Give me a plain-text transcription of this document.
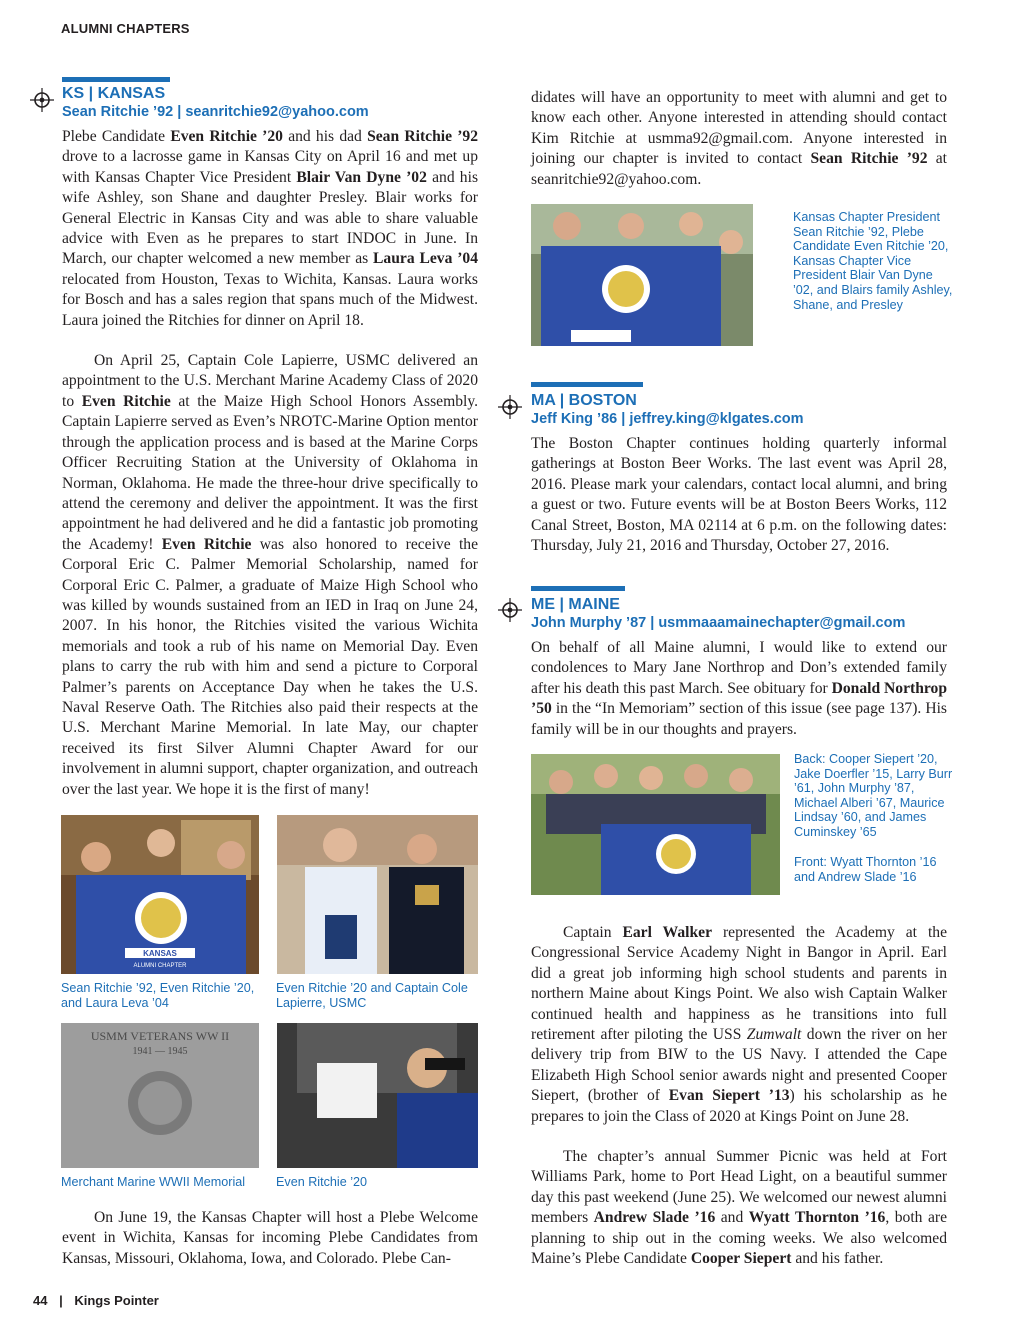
ALUMNI CHAPTERS
KS | KANSAS
Sean Ritchie ’92 | seanritchie92@yahoo.com

Plebe Candidate Even Ritchie ’20 and his dad Sean Ritchie ’92 drove to a lacrosse game in Kansas City on April 16 and met up with Kansas Chapter Vice President Blair Van Dyne ’02 and his wife Ashley, son Shane and daughter Presley. Blair works for General Electric in Kansas City and was able to share valuable advice with Even as he prepares to start INDOC in June. In March, our chapter welcomed a new member as Laura Leva ’04 relocated from Houston, Texas to Wichita, Kansas. Laura works for Bosch and has a sales region that spans much of the Midwest. Laura joined the Ritchies for dinner on April 18.

On April 25, Captain Cole Lapierre, USMC delivered an appointment to the U.S. Merchant Marine Academy Class of 2020 to Even Ritchie at the Maize High School Honors Assembly. Captain Lapierre served as Even’s NROTC-Marine Option mentor through the application process and is based at the Marine Corps Officer Recruiting Station at the University of Oklahoma in Norman, Oklahoma. He made the three-hour drive specifically to attend the ceremony and deliver the appointment. It was the first appointment he had delivered and he did a fantastic job promoting the Academy! Even Ritchie was also honored to receive the Corporal Eric C. Palmer Memorial Scholarship, named for Corporal Eric C. Palmer, a graduate of Maize High School who was killed by wounds sustained from an IED in Iraq on June 24, 2007. In his honor, the Ritchies visited the various Wichita memorials and took a rub of his name on Memorial Day. Even plans to carry the rub with him and send a picture to Corporal Palmer’s parents on Acceptance Day when he takes the U.S. Naval Reserve Oath. The Ritchies also paid their respects at the U.S. Merchant Marine Memorial. In late May, our chapter received its first Silver Alumni Chapter Award for our involvement in alumni support, chapter organization, and outreach over the last year. We hope it is the first of many!

KANSAS
ALUMNI CHAPTER
Sean Ritchie ’92, Even Ritchie ’20, and Laura Leva ’04
Even Ritchie ’20 and Captain Cole Lapierre, USMC
USMM VETERANS WW II
1941 — 1945
Merchant Marine WWII Memorial	Even Ritchie ’20

On June 19, the Kansas Chapter will host a Plebe Welcome event in Wichita, Kansas for incoming Plebe Candidates from Kansas, Missouri, Oklahoma, Iowa, and Colorado. Plebe Can-

didates will have an opportunity to meet with alumni and get to know each other. Anyone interested in attending should contact Kim Ritchie at usmma92@gmail.com. Anyone interested in joining our chapter is invited to contact Sean Ritchie ’92 at seanritchie92@yahoo.com.

Kansas Chapter President Sean Ritchie ’92, Plebe Candidate Even Ritchie ’20, Kansas Chapter Vice President Blair Van Dyne ’02, and Blairs family Ashley, Shane, and Presley
MA | BOSTON
Jeff King ’86 | jeffrey.king@klgates.com

The Boston Chapter continues holding quarterly informal gatherings at Boston Beer Works. The last event was April 28, 2016. Please mark your calendars, contact local alumni, and bring a guest or two. Future events will be at Boston Beers Works, 112 Canal Street, Boston, MA 02114 at 6 p.m. on the following dates: Thursday, July 21, 2016 and Thursday, October 27, 2016.

ME | MAINE
John Murphy ’87 | usmmaaamainechapter@gmail.com

On behalf of all Maine alumni, I would like to extend our condolences to Mary Jane Northrop and Don’s extended family after his death this past March. See obituary for Donald Northrop ’50 in the “In Memoriam” section of this issue (see page 137). His family will be in our thoughts and prayers.

Back: Cooper Siepert ’20, Jake Doerfler ’15, Larry Burr ’61, John Murphy ’87, Michael Alberi ’67, Maurice Lindsay ’60, and James Cuminskey ’65
Front: Wyatt Thornton ’16 and Andrew Slade ’16

Captain Earl Walker represented the Academy at the Congressional Service Academy Night in Bangor in April. Earl did a great job informing high school students and parents in northern Maine about Kings Point. We also wish Captain Walker continued health and happiness as he transitions into full retirement after piloting the USS Zumwalt down the river on her delivery trip from BIW to the US Navy. I attended the Cape Elizabeth High School senior awards night and presented Cooper Siepert, (brother of Evan Siepert ’13) his scholarship as he prepares to join the Class of 2020 at Kings Point on June 28.

The chapter’s annual Summer Picnic was held at Fort Williams Park, home to Port Head Light, on a beautiful summer day this past weekend (June 25). We welcomed our newest alumni members Andrew Slade ’16 and Wyatt Thornton ’16, both are planning to ship out in the coming weeks. We also welcomed Maine’s Plebe Candidate Cooper Siepert and his father.

44 | Kings Pointer
